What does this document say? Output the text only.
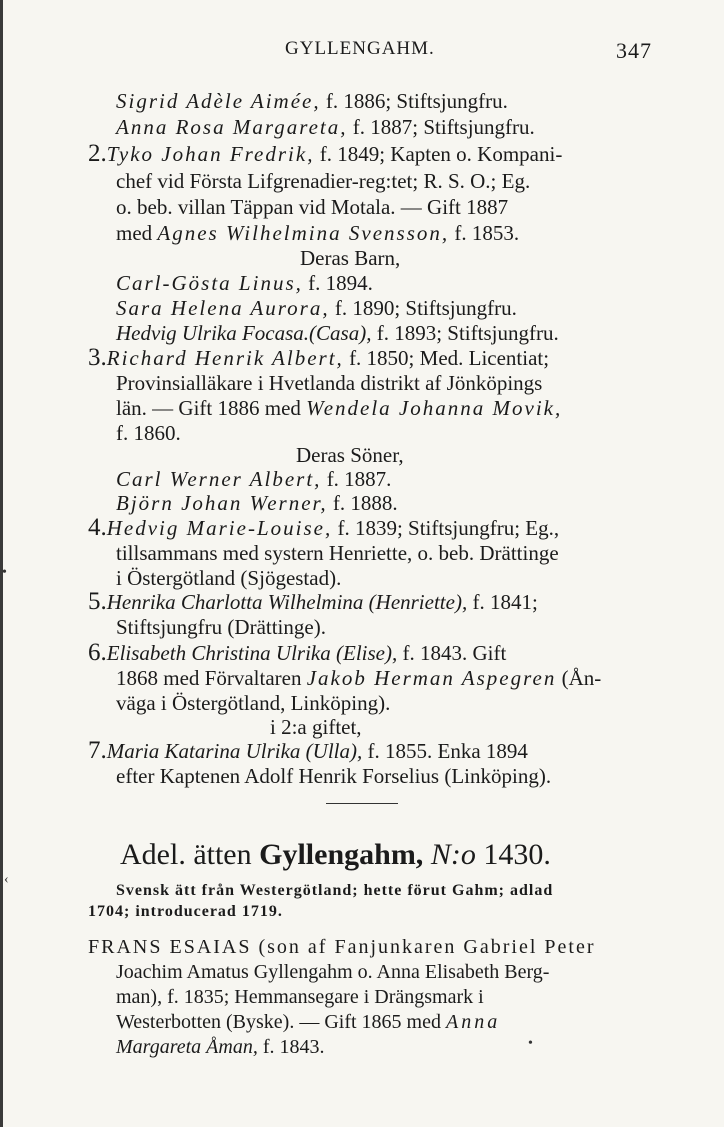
GYLLENGAHM.	347
Sigrid Adèle Aimée, f. 1886; Stiftsjungfru.
Anna Rosa Margareta, f. 1887; Stiftsjungfru.
2.Tyko Johan Fredrik, f. 1849; Kapten o. Kompani-
chef vid Första Lifgrenadier-reg:tet; R. S. O.; Eg.
o. beb. villan Täppan vid Motala. — Gift 1887
med Agnes Wilhelmina Svensson, f. 1853.
Deras Barn,
Carl-Gösta Linus, f. 1894.
Sara Helena Aurora, f. 1890; Stiftsjungfru.
Hedvig Ulrika Focasa.(Casa), f. 1893; Stiftsjungfru.
3.Richard Henrik Albert, f. 1850; Med. Licentiat;
Provinsialläkare i Hvetlanda distrikt af Jönköpings
län. — Gift 1886 med Wendela Johanna Movik,
f. 1860.
Deras Söner,
Carl Werner Albert, f. 1887.
Björn Johan Werner, f. 1888.
4.Hedvig Marie-Louise, f. 1839; Stiftsjungfru; Eg.,
tillsammans med systern Henriette, o. beb. Drättinge
i Östergötland (Sjögestad).
5.Henrika Charlotta Wilhelmina (Henriette), f. 1841;
Stiftsjungfru (Drättinge).
6.Elisabeth Christina Ulrika (Elise), f. 1843. Gift
1868 med Förvaltaren Jakob Herman Aspegren (Ån-
väga i Östergötland, Linköping).
i 2:a giftet,
7.Maria Katarina Ulrika (Ulla), f. 1855. Enka 1894
efter Kaptenen Adolf Henrik Forselius (Linköping).
Adel. ätten Gyllengahm, N:o 1430.
Svensk ätt från Westergötland; hette förut Gahm; adlad
1704; introducerad 1719.
FRANS ESAIAS (son af Fanjunkaren Gabriel Peter
Joachim Amatus Gyllengahm o. Anna Elisabeth Berg-
man), f. 1835; Hemmansegare i Drängsmark i
Westerbotten (Byske). — Gift 1865 med Anna
Margareta Åman, f. 1843.
•
‹
•
